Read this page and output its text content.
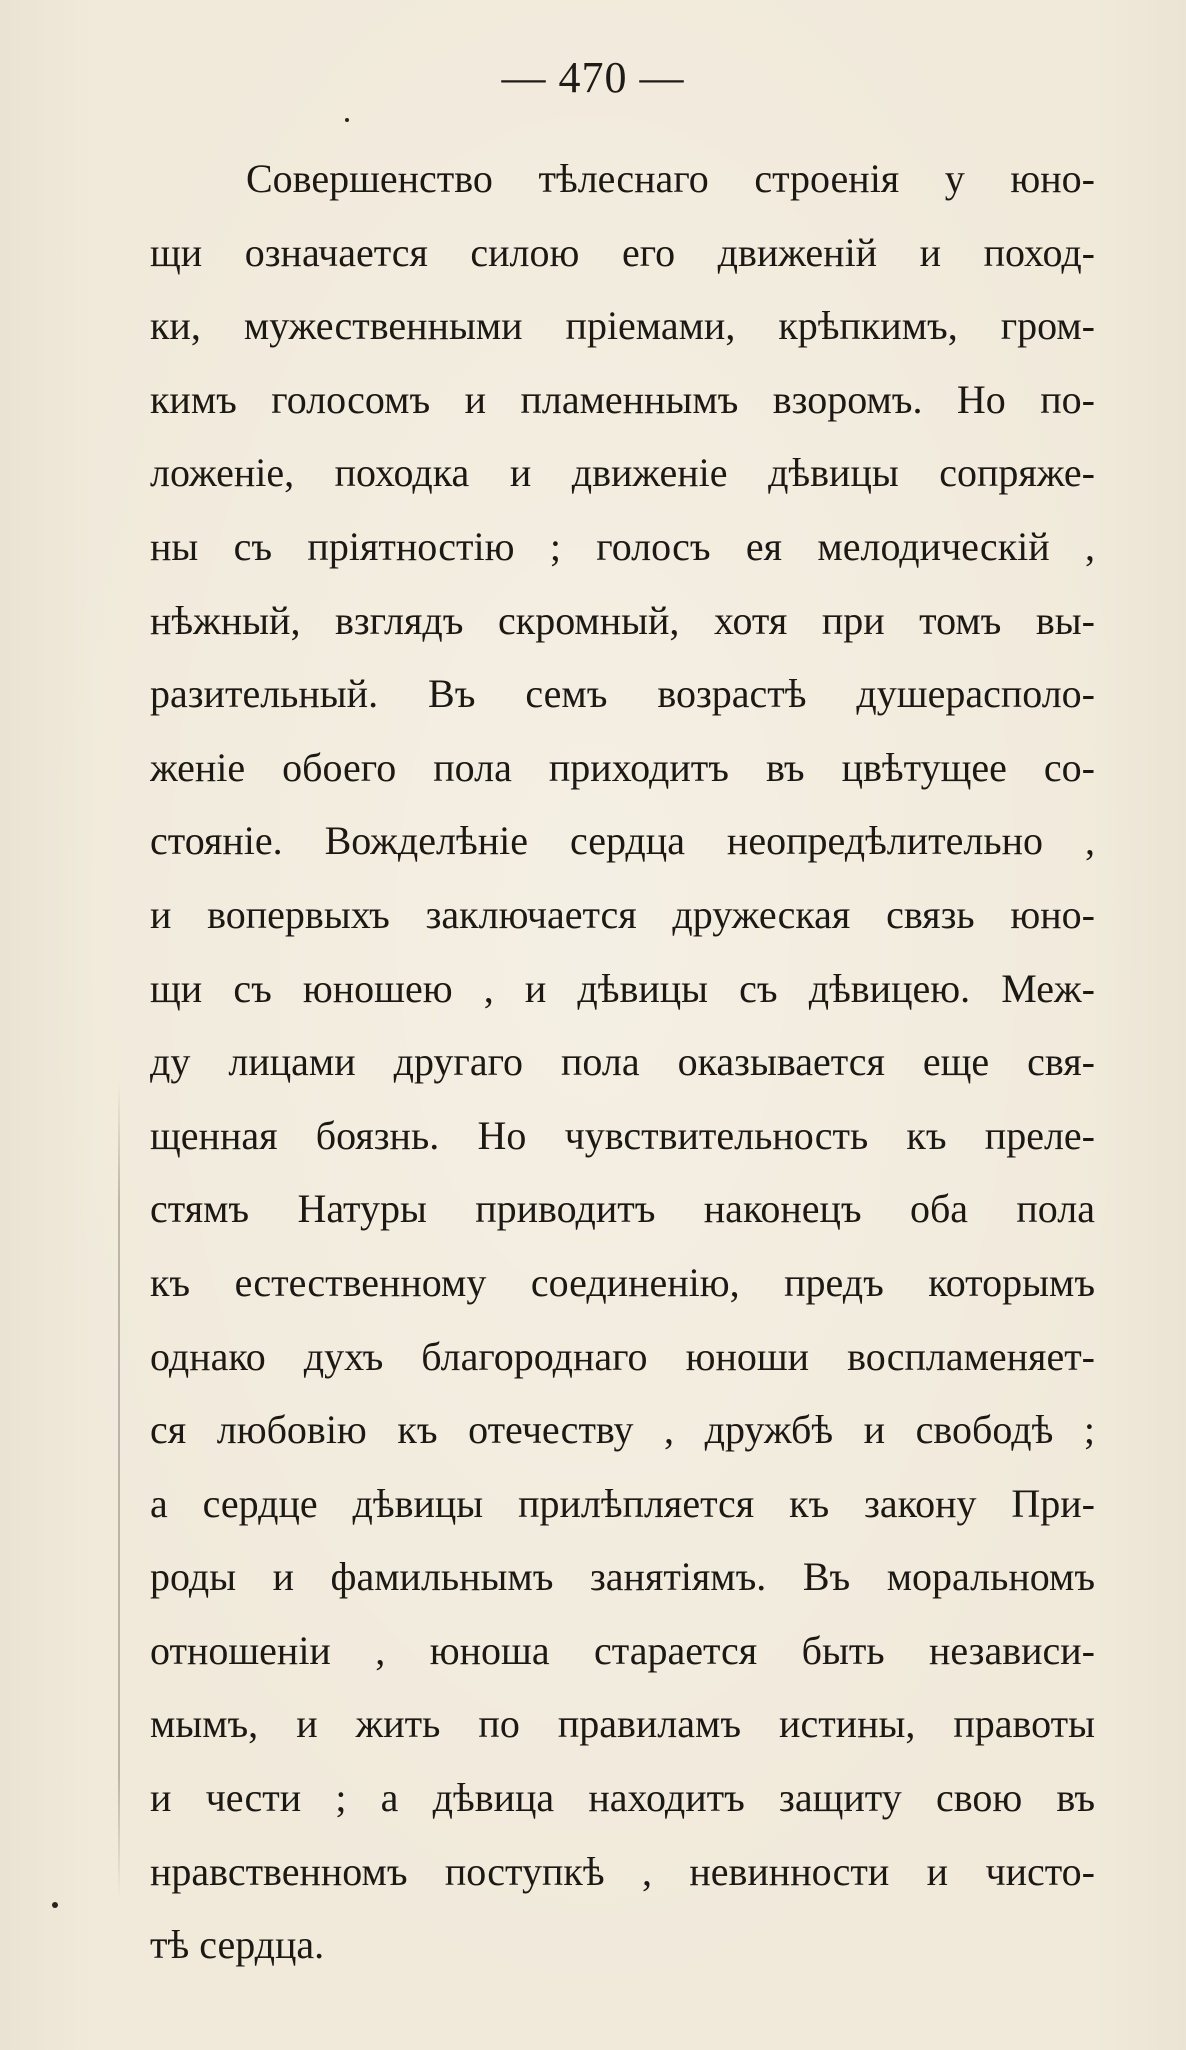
— 470 —
Совершенство тѣлеснаго строенія у юно-
щи означается силою его движеній и поход-
ки, мужественными пріемами, крѣпкимъ, гром-
кимъ голосомъ и пламеннымъ взоромъ. Но по-
ложеніе, походка и движеніе дѣвицы сопряже-
ны съ пріятностію ; голосъ ея мелодическій ,
нѣжный, взглядъ скромный, хотя при томъ вы-
разительный. Въ семъ возрастѣ душерасполо-
женіе обоего пола приходитъ въ цвѣтущее со-
стояніе. Вожделѣніе сердца неопредѣлительно ,
и вопервыхъ заключается дружеская связь юно-
щи съ юношею , и дѣвицы съ дѣвицею. Меж-
ду лицами другаго пола оказывается еще свя-
щенная боязнь. Но чувствительность къ преле-
стямъ Натуры приводитъ наконецъ оба пола
къ естественному соединенію, предъ которымъ
однако духъ благороднаго юноши воспламеняет-
ся любовію къ отечеству , дружбѣ и свободѣ ;
а сердце дѣвицы прилѣпляется къ закону При-
роды и фамильнымъ занятіямъ. Въ моральномъ
отношеніи , юноша старается быть независи-
мымъ, и жить по правиламъ истины, правоты
и чести ; а дѣвица находитъ защиту свою въ
нравственномъ поступкѣ , невинности и чисто-
тѣ сердца.
